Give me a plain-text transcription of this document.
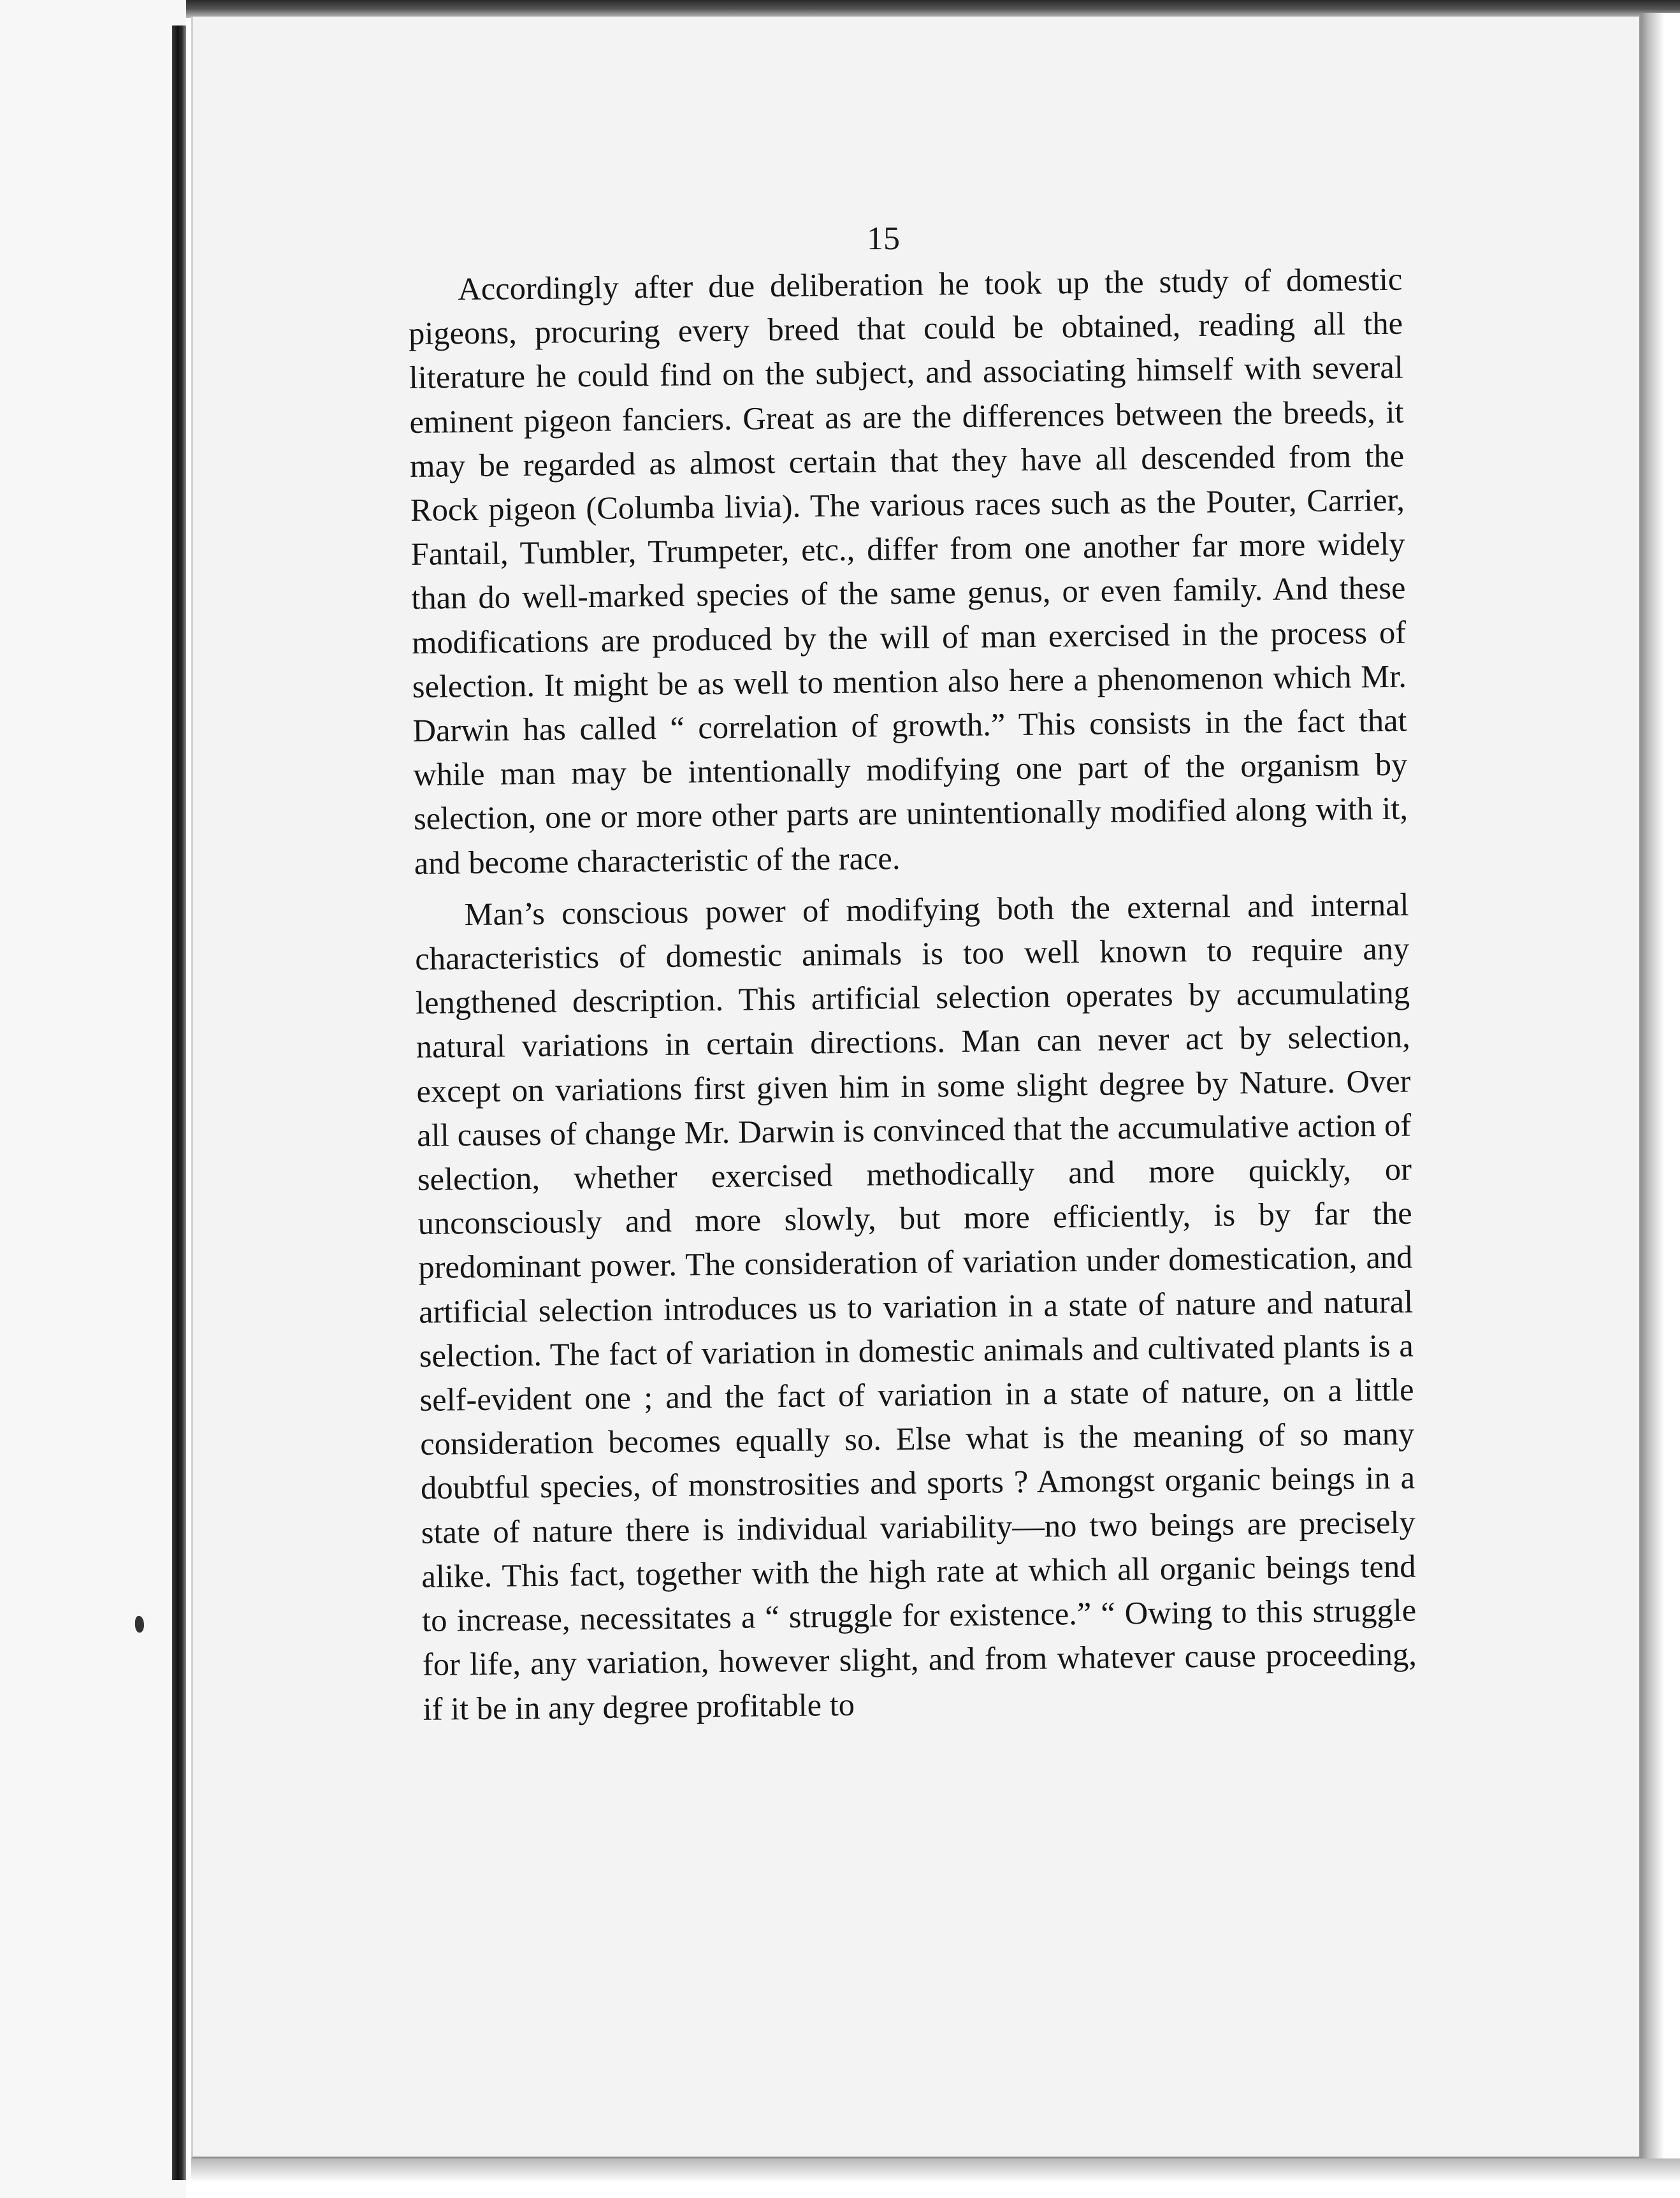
15

Accordingly after due deliberation he took up the study of domestic pigeons, procuring every breed that could be obtained, reading all the literature he could find on the subject, and associating himself with several eminent pigeon fanciers. Great as are the differences between the breeds, it may be regarded as almost certain that they have all descended from the Rock pigeon (Columba livia). The various races such as the Pouter, Carrier, Fantail, Tumbler, Trumpeter, etc., differ from one another far more widely than do well-marked species of the same genus, or even family. And these modifications are produced by the will of man exercised in the process of selection. It might be as well to mention also here a phenomenon which Mr. Darwin has called “ correlation of growth.” This consists in the fact that while man may be intentionally modifying one part of the organism by selection, one or more other parts are unintentionally modified along with it, and become characteristic of the race.

Man’s conscious power of modifying both the external and internal characteristics of domestic animals is too well known to require any lengthened description. This artificial selection operates by accumulating natural variations in certain directions. Man can never act by selection, except on variations first given him in some slight degree by Nature. Over all causes of change Mr. Darwin is convinced that the accumulative action of selection, whether exercised methodically and more quickly, or unconsciously and more slowly, but more efficiently, is by far the predominant power. The consideration of variation under domestication, and artificial selection introduces us to variation in a state of nature and natural selection. The fact of variation in domestic animals and cultivated plants is a self-evident one ; and the fact of variation in a state of nature, on a little consideration becomes equally so. Else what is the meaning of so many doubtful species, of monstrosities and sports ? Amongst organic beings in a state of nature there is individual variability—no two beings are precisely alike. This fact, together with the high rate at which all organic beings tend to increase, necessitates a “ struggle for existence.” “ Owing to this struggle for life, any variation, however slight, and from whatever cause proceeding, if it be in any degree profitable to
